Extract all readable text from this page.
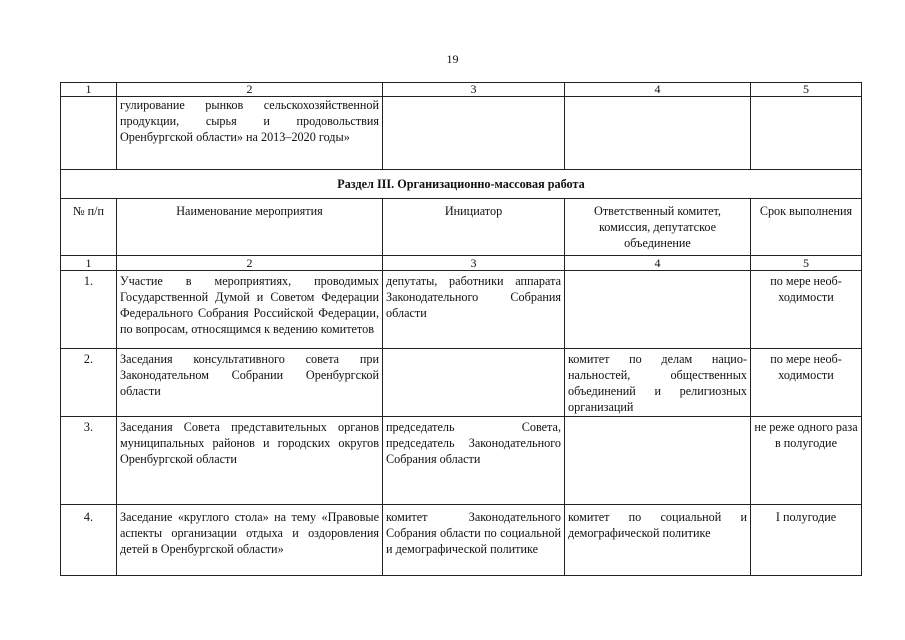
19
1	2	3	4	5
	гулирование рынков сельскохозяйственной продукции, сырья и продовольствия Оренбургской области» на 2013–2020 годы»			
Раздел III. Организационно-массовая работа				
№ п/п	Наименование мероприятия	Инициатор	Ответственный комитет, комиссия, депутатское объединение	Срок выполнения
1	2	3	4	5
1.	Участие в мероприятиях, проводимых Государственной Думой и Советом Федерации Федерального Собрания Российской Федерации, по вопросам, относящимся к ведению комитетов	депутаты, работники аппарата Законодательного Собрания области		по мере необходимости
2.	Заседания консультативного совета при Законодательном Собрании Оренбургской области		комитет по делам национальностей, общественных объединений и религиозных организаций	по мере необходимости
3.	Заседания Совета представительных органов муниципальных районов и городских округов Оренбургской области	председатель Совета, председатель Законодательного Собрания области		не реже одного раза в полугодие
4.	Заседание «круглого стола» на тему «Правовые аспекты организации отдыха и оздоровления детей в Оренбургской области»	комитет Законодательного Собрания области по социальной и демографической политике	комитет по социальной и демографической политике	I полугодие
